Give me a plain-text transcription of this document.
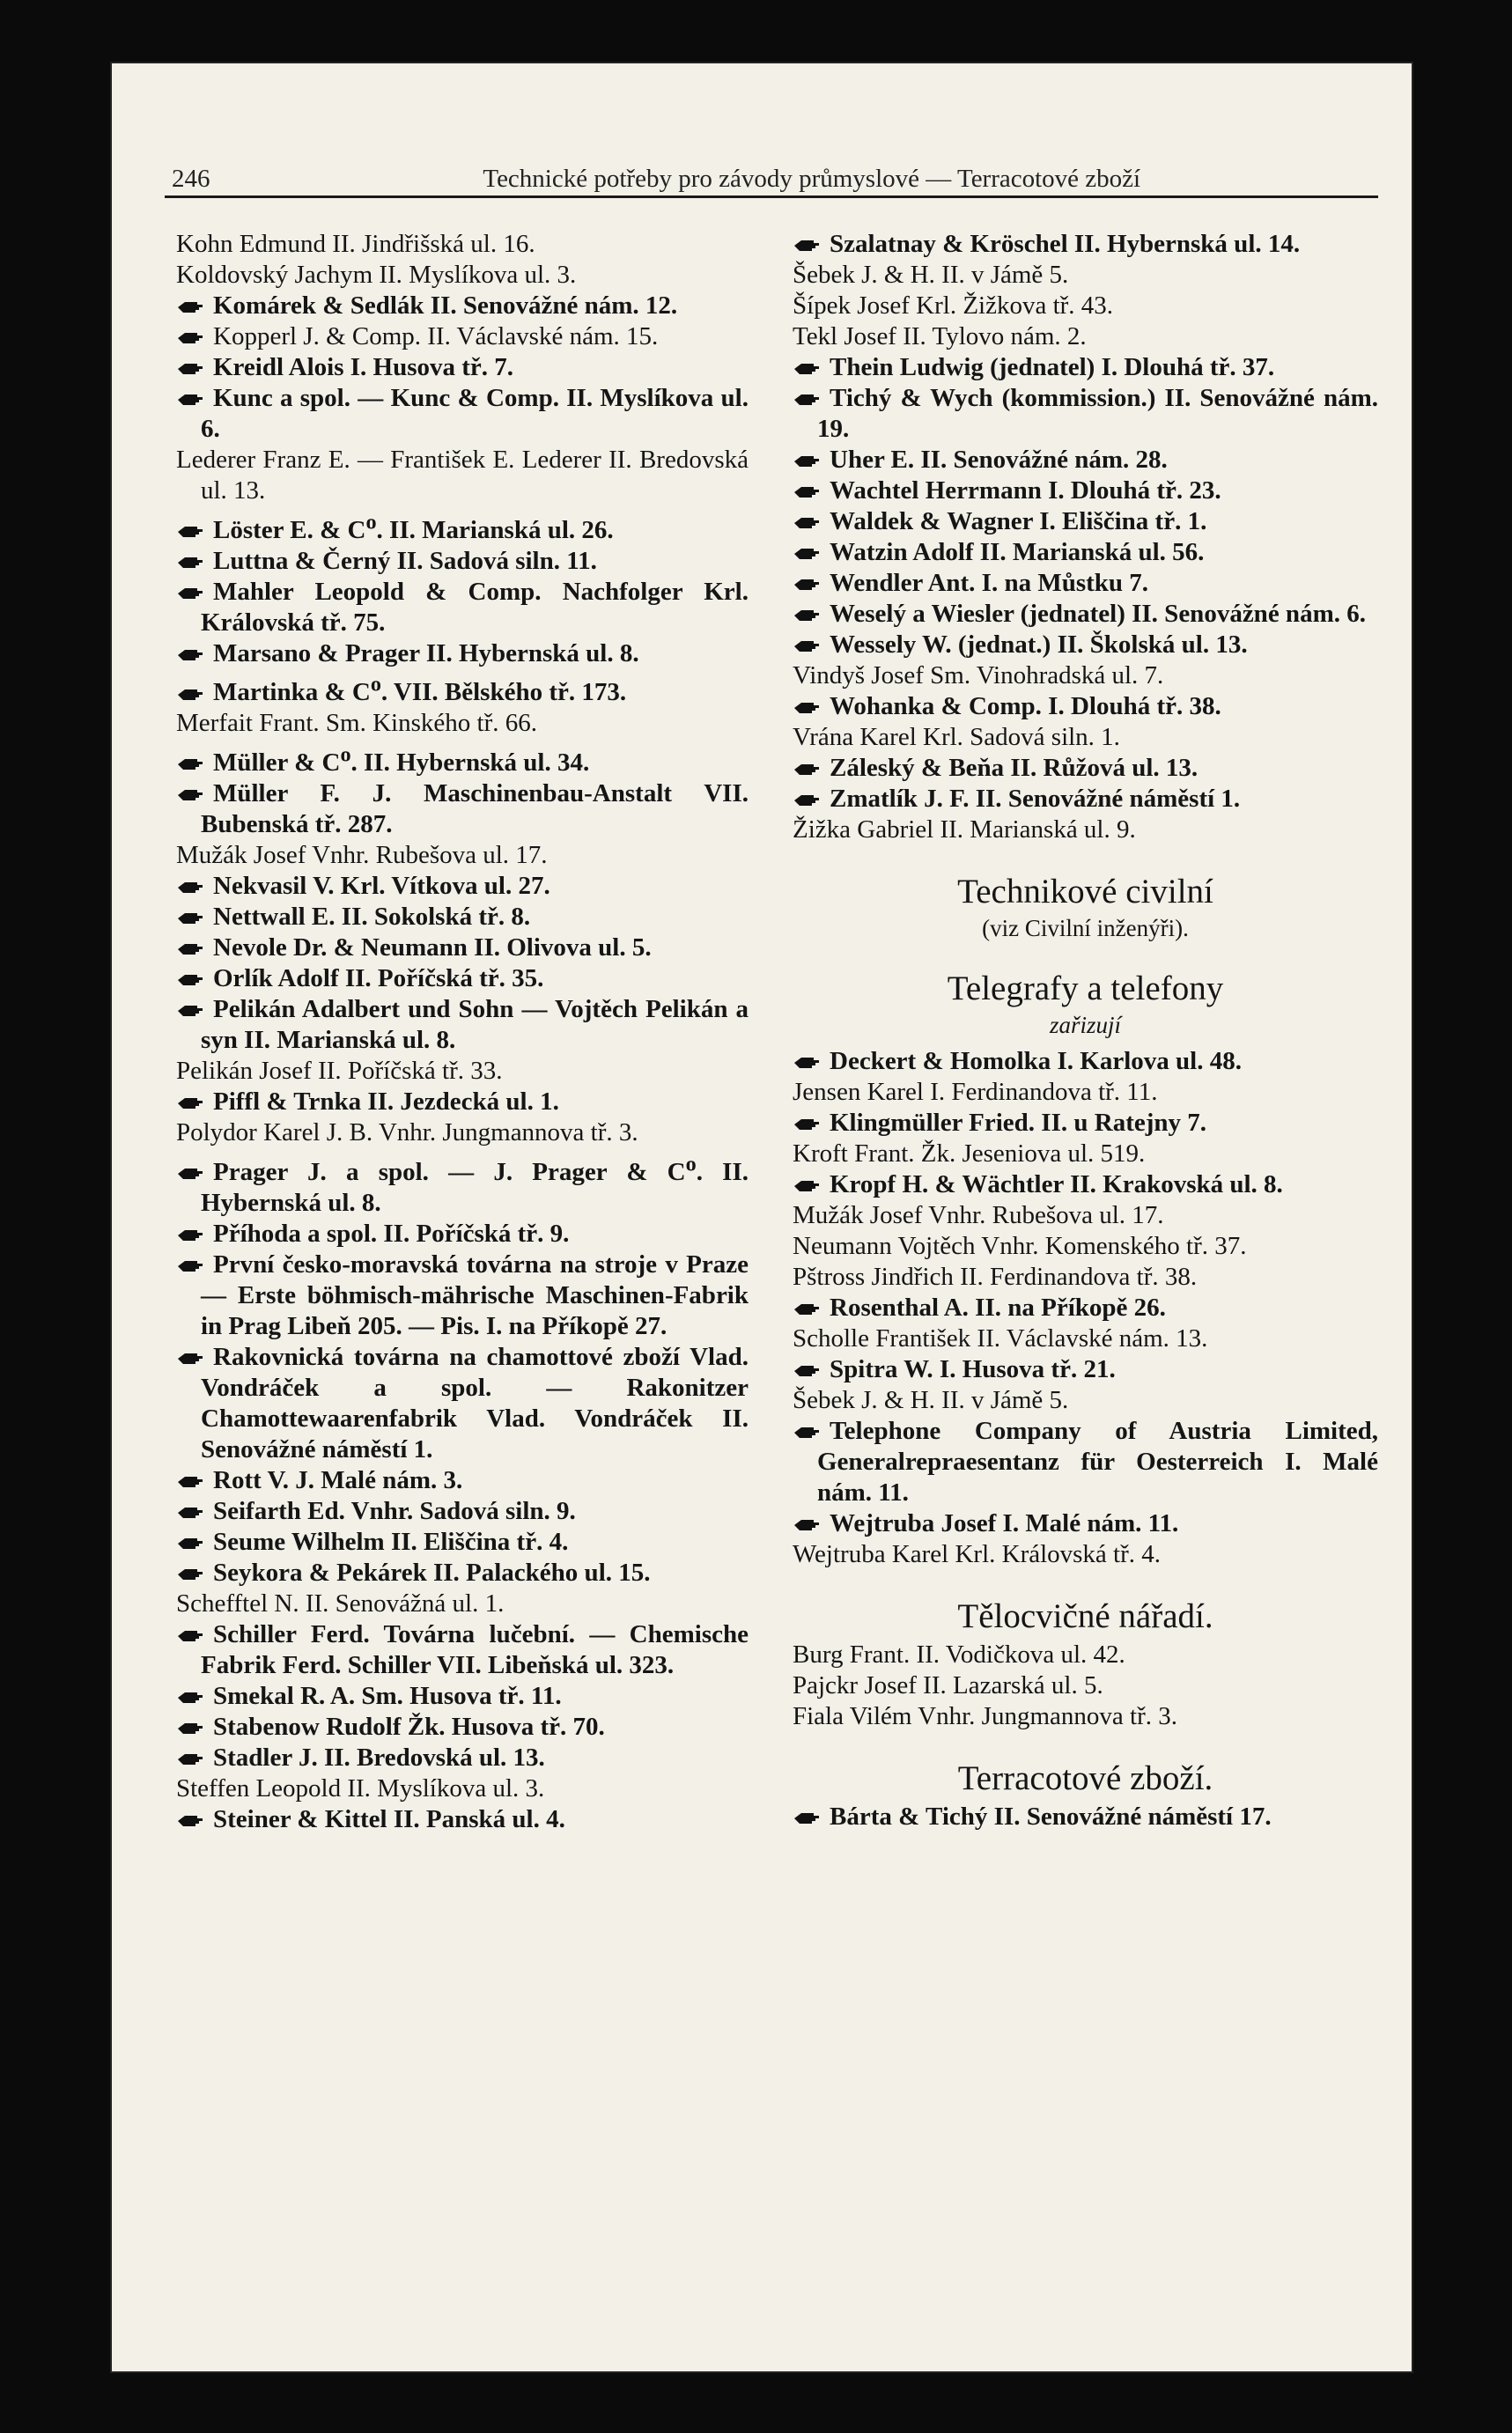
246	Technické potřeby pro závody průmyslové — Terracotové zboží
Kohn Edmund II. Jindřišská ul. 16.
Koldovský Jachym II. Myslíkova ul. 3.
Komárek & Sedlák II. Senovážné nám. 12.
Kopperl J. & Comp. II. Václavské nám. 15.
Kreidl Alois I. Husova tř. 7.
Kunc a spol. — Kunc & Comp. II. Myslíkova ul. 6.
Lederer Franz E. — František E. Lederer II. Bredovská ul. 13.
Löster E. & $C^o$. II. Marianská ul. 26.
Luttna & Černý II. Sadová siln. 11.
Mahler Leopold & Comp. Nachfolger Krl. Královská tř. 75.
Marsano & Prager II. Hybernská ul. 8.
Martinka & $C^o$. VII. Bělského tř. 173.
Merfait Frant. Sm. Kinského tř. 66.
Müller & $C^o$. II. Hybernská ul. 34.
Müller F. J. Maschinenbau-Anstalt VII. Bubenská tř. 287.
Mužák Josef Vnhr. Rubešova ul. 17.
Nekvasil V. Krl. Vítkova ul. 27.
Nettwall E. II. Sokolská tř. 8.
Nevole Dr. & Neumann II. Olivova ul. 5.
Orlík Adolf II. Poříčská tř. 35.
Pelikán Adalbert und Sohn — Vojtěch Pelikán a syn II. Marianská ul. 8.
Pelikán Josef II. Poříčská tř. 33.
Piffl & Trnka II. Jezdecká ul. 1.
Polydor Karel J. B. Vnhr. Jungmannova tř. 3.
Prager J. a spol. — J. Prager & $C^o$. II. Hybernská ul. 8.
Příhoda a spol. II. Poříčská tř. 9.
První česko-moravská továrna na stroje v Praze — Erste böhmisch-mährische Maschinen-Fabrik in Prag Libeň 205. — Pis. I. na Příkopě 27.
Rakovnická továrna na chamottové zboží Vlad. Vondráček a spol. — Rakonitzer Chamottewaarenfabrik Vlad. Vondráček II. Senovážné náměstí 1.
Rott V. J. Malé nám. 3.
Seifarth Ed. Vnhr. Sadová siln. 9.
Seume Wilhelm II. Eliščina tř. 4.
Seykora & Pekárek II. Palackého ul. 15.
Schefftel N. II. Senovážná ul. 1.
Schiller Ferd. Továrna lučební. — Chemische Fabrik Ferd. Schiller VII. Libeňská ul. 323.
Smekal R. A. Sm. Husova tř. 11.
Stabenow Rudolf Žk. Husova tř. 70.
Stadler J. II. Bredovská ul. 13.
Steffen Leopold II. Myslíkova ul. 3.
Steiner & Kittel II. Panská ul. 4.
Szalatnay & Kröschel II. Hybernská ul. 14.
Šebek J. & H. II. v Jámě 5.
Šípek Josef Krl. Žižkova tř. 43.
Tekl Josef II. Tylovo nám. 2.
Thein Ludwig (jednatel) I. Dlouhá tř. 37.
Tichý & Wych (kommission.) II. Senovážné nám. 19.
Uher E. II. Senovážné nám. 28.
Wachtel Herrmann I. Dlouhá tř. 23.
Waldek & Wagner I. Eliščina tř. 1.
Watzin Adolf II. Marianská ul. 56.
Wendler Ant. I. na Můstku 7.
Weselý a Wiesler (jednatel) II. Senovážné nám. 6.
Wessely W. (jednat.) II. Školská ul. 13.
Vindyš Josef Sm. Vinohradská ul. 7.
Wohanka & Comp. I. Dlouhá tř. 38.
Vrána Karel Krl. Sadová siln. 1.
Záleský & Beňa II. Růžová ul. 13.
Zmatlík J. F. II. Senovážné náměstí 1.
Žižka Gabriel II. Marianská ul. 9.
Technikové civilní
(viz Civilní inženýři).
Telegrafy a telefony
zařizují
Deckert & Homolka I. Karlova ul. 48.
Jensen Karel I. Ferdinandova tř. 11.
Klingmüller Fried. II. u Ratejny 7.
Kroft Frant. Žk. Jeseniova ul. 519.
Kropf H. & Wächtler II. Krakovská ul. 8.
Mužák Josef Vnhr. Rubešova ul. 17.
Neumann Vojtěch Vnhr. Komenského tř. 37.
Pštross Jindřich II. Ferdinandova tř. 38.
Rosenthal A. II. na Příkopě 26.
Scholle František II. Václavské nám. 13.
Spitra W. I. Husova tř. 21.
Šebek J. & H. II. v Jámě 5.
Telephone Company of Austria Limited, Generalrepraesentanz für Oesterreich I. Malé nám. 11.
Wejtruba Josef I. Malé nám. 11.
Wejtruba Karel Krl. Královská tř. 4.
Tělocvičné nářadí.
Burg Frant. II. Vodičkova ul. 42.
Pajckr Josef II. Lazarská ul. 5.
Fiala Vilém Vnhr. Jungmannova tř. 3.
Terracotové zboží.
Bárta & Tichý II. Senovážné náměstí 17.
